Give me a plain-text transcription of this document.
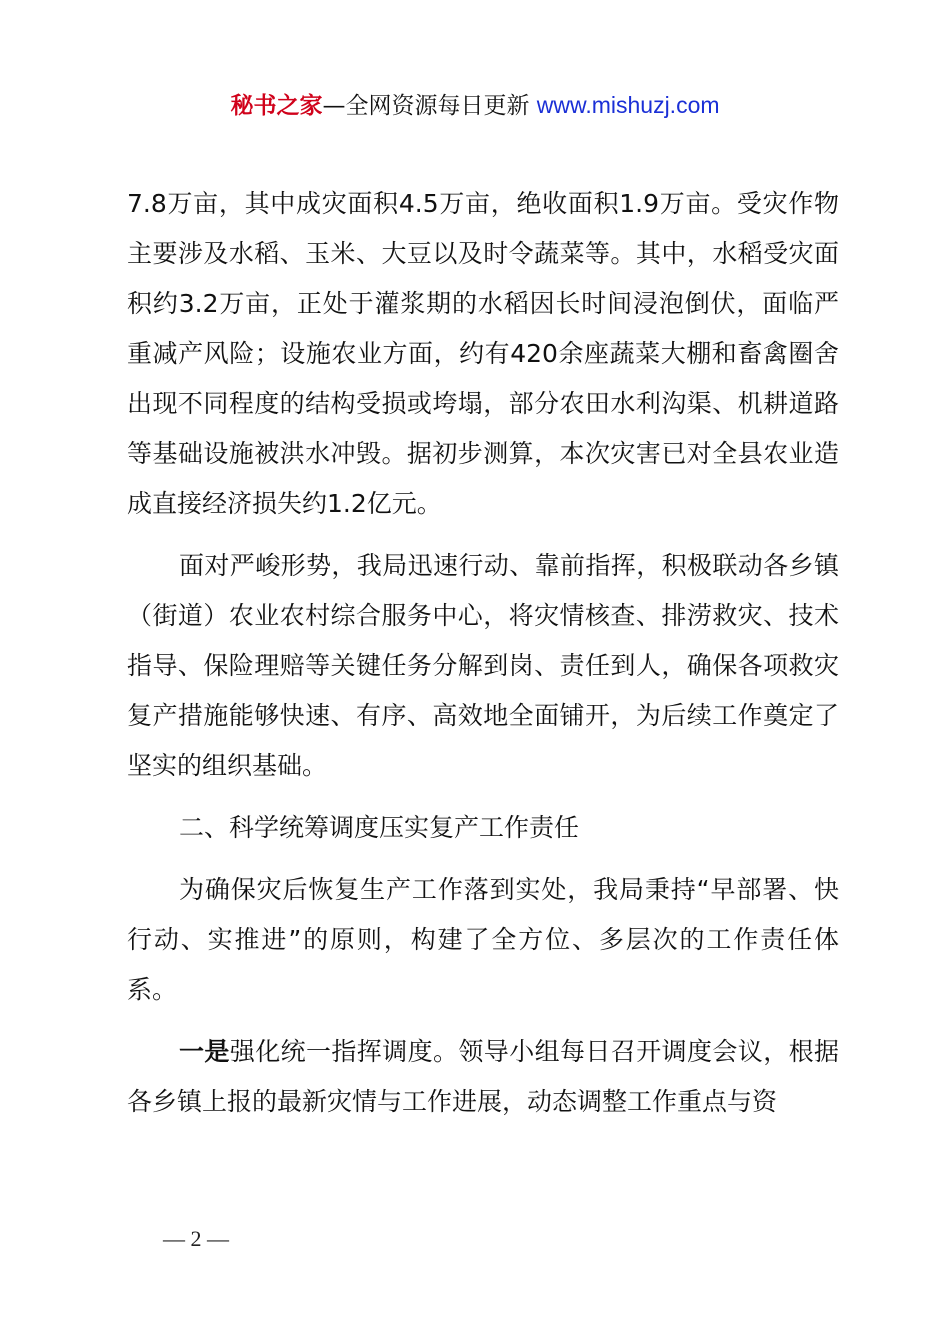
秘书之家—全网资源每日更新 www.mishuzj.com

7.8万亩，其中成灾面积4.5万亩，绝收面积1.9万亩。受灾作物主要涉及水稻、玉米、大豆以及时令蔬菜等。其中，水稻受灾面积约3.2万亩，正处于灌浆期的水稻因长时间浸泡倒伏，面临严重减产风险；设施农业方面，约有420余座蔬菜大棚和畜禽圈舍出现不同程度的结构受损或垮塌，部分农田水利沟渠、机耕道路等基础设施被洪水冲毁。据初步测算，本次灾害已对全县农业造成直接经济损失约1.2亿元。

面对严峻形势，我局迅速行动、靠前指挥，积极联动各乡镇（街道）农业农村综合服务中心，将灾情核查、排涝救灾、技术指导、保险理赔等关键任务分解到岗、责任到人，确保各项救灾复产措施能够快速、有序、高效地全面铺开，为后续工作奠定了坚实的组织基础。

二、科学统筹调度压实复产工作责任

为确保灾后恢复生产工作落到实处，我局秉持“早部署、快行动、实推进”的原则，构建了全方位、多层次的工作责任体系。

一是强化统一指挥调度。领导小组每日召开调度会议，根据各乡镇上报的最新灾情与工作进展，动态调整工作重点与资

— 2 —
